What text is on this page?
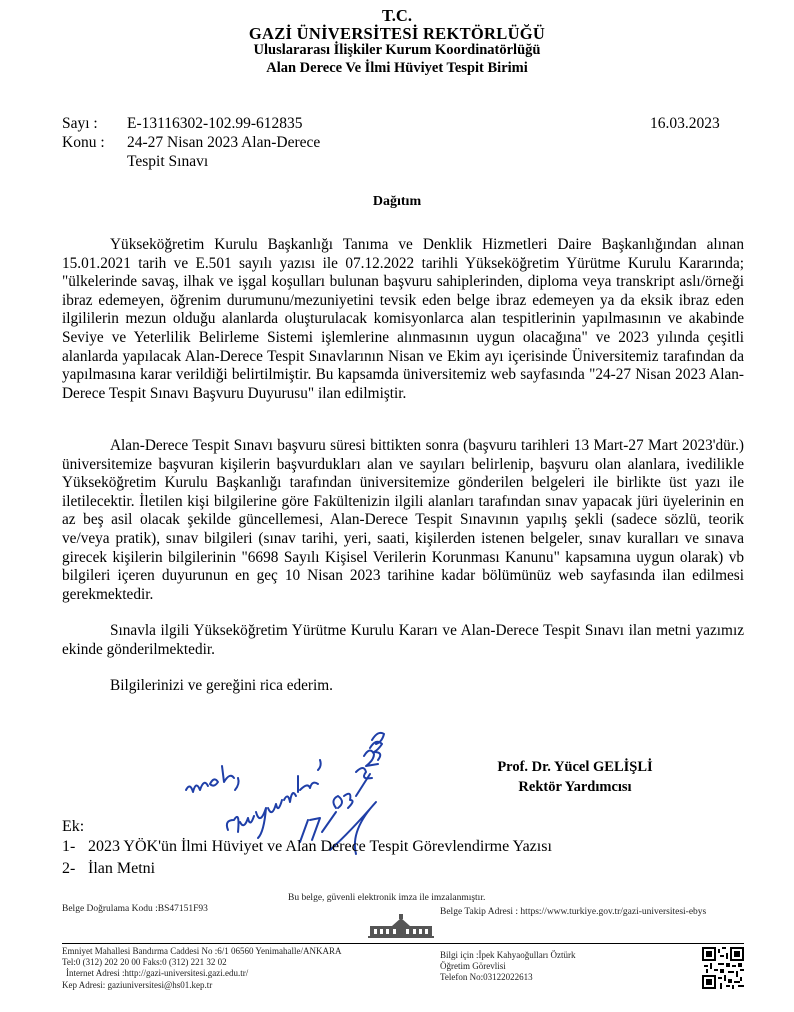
T.C.
GAZİ ÜNİVERSİTESİ REKTÖRLÜĞÜ
Uluslararası İlişkiler Kurum Koordinatörlüğü
Alan Derece Ve İlmi Hüviyet Tespit Birimi
Sayı :	E-13116302-102.99-612835	16.03.2023
Konu :	24-27 Nisan 2023 Alan-Derece
Tespit Sınavı
Dağıtım

Yükseköğretim Kurulu Başkanlığı Tanıma ve Denklik Hizmetleri Daire Başkanlığından alınan 15.01.2021 tarih ve E.501 sayılı yazısı ile 07.12.2022 tarihli Yükseköğretim Yürütme Kurulu Kararında; "ülkelerinde savaş, ilhak ve işgal koşulları bulunan başvuru sahiplerinden, diploma veya transkript aslı/örneği ibraz edemeyen, öğrenim durumunu/mezuniyetini tevsik eden belge ibraz edemeyen ya da eksik ibraz eden ilgililerin mezun olduğu alanlarda oluşturulacak komisyonlarca alan tespitlerinin yapılmasının ve akabinde Seviye ve Yeterlilik Belirleme Sistemi işlemlerine alınmasının uygun olacağına" ve 2023 yılında çeşitli alanlarda yapılacak Alan-Derece Tespit Sınavlarının Nisan ve Ekim ayı içerisinde Üniversitemiz tarafından da yapılmasına karar verildiği belirtilmiştir. Bu kapsamda üniversitemiz web sayfasında "24-27 Nisan 2023 Alan-Derece Tespit Sınavı Başvuru Duyurusu" ilan edilmiştir.

Alan-Derece Tespit Sınavı başvuru süresi bittikten sonra (başvuru tarihleri 13 Mart-27 Mart 2023'dür.) üniversitemize başvuran kişilerin başvurdukları alan ve sayıları belirlenip, başvuru olan alanlara, ivedilikle Yükseköğretim Kurulu Başkanlığı tarafından üniversitemize gönderilen belgeleri ile birlikte üst yazı ile iletilecektir. İletilen kişi bilgilerine göre Fakültenizin ilgili alanları tarafından sınav yapacak jüri üyelerinin en az beş asil olacak şekilde güncellemesi, Alan-Derece Tespit Sınavının yapılış şekli (sadece sözlü, teorik ve/veya pratik), sınav bilgileri (sınav tarihi, yeri, saati, kişilerden istenen belgeler, sınav kuralları ve sınava girecek kişilerin bilgilerinin "6698 Sayılı Kişisel Verilerin Korunması Kanunu" kapsamına uygun olarak) vb bilgileri içeren duyurunun en geç 10 Nisan 2023 tarihine kadar bölümünüz web sayfasında ilan edilmesi gerekmektedir.

Sınavla ilgili Yükseköğretim Yürütme Kurulu Kararı ve Alan-Derece Tespit Sınavı ilan metni yazımız ekinde gönderilmektedir.

Bilgilerinizi ve gereğini rica ederim.

Prof. Dr. Yücel GELİŞLİ
Rektör Yardımcısı
Ek:
1- 2023 YÖK'ün İlmi Hüviyet ve Alan Derece Tespit Görevlendirme Yazısı
2- İlan Metni
Bu belge, güvenli elektronik imza ile imzalanmıştır.
Belge Doğrulama Kodu :BS47151F93	Belge Takip Adresi : https://www.turkiye.gov.tr/gazi-universitesi-ebys
Emniyet Mahallesi Bandırma Caddesi No :6/1 06560 Yenimahalle/ANKARA
Tel:0 (312) 202 20 00 Faks:0 (312) 221 32 02
İnternet Adresi :http://gazi-universitesi.gazi.edu.tr/
Kep Adresi: gaziuniversitesi@hs01.kep.tr
Bilgi için :İpek Kahyaoğulları Öztürk
Öğretim Görevlisi
Telefon No:03122022613
